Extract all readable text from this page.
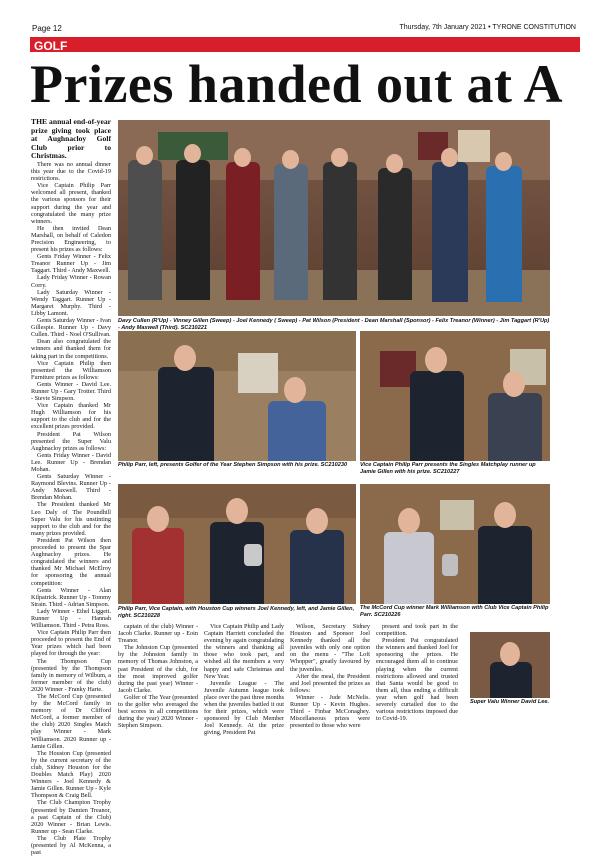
Page 12	Thursday, 7th January 2021 • TYRONE CONSTITUTION
GOLF
Prizes handed out at A

THE annual end-of-year prize giving took place at Aughnacloy Golf Club prior to Christmas.

There was no annual dinner this year due to the Covid-19 restrictions.

Vice Captain Philip Parr welcomed all present, thanked the various sponsors for their support during the year and congratulated the many prize winners.

He then invited Dean Marshall, on behalf of Caledon Precision Engineering, to present his prizes as follows:

Gents Friday Winner - Felix Treanor Runner Up - Jim Taggart. Third - Andy Maxwell.

Lady Friday Winner - Rowan Corry.

Lady Saturday Winner - Wendy Taggart. Runner Up - Margaret Murphy. Third - Libby Lamont.

Gents Saturday Winner - Ivan Gillespie. Runner Up - Davy Cullen. Third - Noel O'Sullivan.

Dean also congratulated the winners and thanked them for taking part in the competitions.

Vice Captain Philip then presented the Williamson Furniture prizes as follows:

Gents Winner - David Lee. Runner Up - Gary Trotter. Third - Stevie Simpson.

Vice Captain thanked Mr Hugh Williamson for his support to the club and for the excellent prizes provided.

President Pat Wilson presented the Super Valu Aughnacloy prizes as follows:

Gents Friday Winner - David Lee. Runner Up - Brendan Mohan.

Gents Saturday Winner - Raymond Blevins. Runner Up - Andy Maxwell. Third - Brendan Mohan.

The President thanked Mr Leo Daly of The Poundhill Super Valu for his unstinting support to the club and for the many prizes provided.

President Pat Wilson then proceeded to present the Spar Aughnacloy prizes. He congratulated the winners and thanked Mr Michael McElroy for sponsoring the annual competition:

Gents Winner - Alan Kilpatrick. Runner Up - Tommy Strain. Third - Adrian Simpson.

Lady Winner - Ethel Liggett. Runner Up - Hannah Williamson. Third - Petra Ross.

Vice Captain Philip Parr then proceeded to present the End of Year prizes which had been played for through the year:

The Thompson Cup (presented by the Thompson family in memory of Wilbum, a former member of the club) 2020 Winner - Franky Harte.

The McCord Cup (presented by the McCord family in memory of Dr Clifford McCord, a former member of the club) 2020 Singles Match play Winner - Mark Williamson. 2020 Runner up - Jamie Gillen.

The Houston Cup (presented by the current secretary of the club, Sidney Houston for the Doubles Match Play) 2020 Winners - Joel Kennedy & Jamie Gillen. Runner Up - Kyle Thompson & Craig Bell.

The Club Champion Trophy (presented by Damien Treanor, a past Captain of the Club) 2020 Winner - Brian Lewis. Runner up - Sean Clarke.

The Club Plate Trophy (presented by Al McKenna, a past

Davy Cullen (R'Up) - Vinney Gillen (Sweep) - Joel Kennedy ( Sweep) - Pat Wilson (President - Dean Marshall (Sponsor) - Felix Treanor (Winner) - Jim Taggart (R'Up) - Andy Maxwell (Third). SC210221
Philip Parr, left, presents Golfer of the Year Stephen Simpson with his prize. SC210230	Vice Captain Philip Parr presents the Singles Matchplay runner up Jamie Gillen with his prize. SC210227
Philip Parr, Vice Captain, with Houston Cup winners Joel Kennedy, left, and Jamie Gillen, right. SC210228
The McCord Cup winner Mark Williamson with Club Vice Captain Philip Parr. SC210226

captain of the club) Winner - Jacob Clarke. Runner up - Eoin Treanor.

The Johnston Cup (presented by the Johnston family in memory of Thomas Johnston, a past President of the club, for the most improved golfer during the past year) Winner - Jacob Clarke.

Golfer of The Year (presented to the golfer who averaged the best scores in all competitions during the year) 2020 Winner - Stephen Simpson.

Vice Captain Philip and Lady Captain Harriett concluded the evening by again congratulating the winners and thanking all those who took part, and wished all the members a very happy and safe Christmas and New Year.

Juvenile League - The Juvenile Autumn league took place over the past three months when the juveniles battled it out for their prizes, which were sponsored by Club Member Joel Kennedy. At the prize giving, President Pat

Wilson, Secretary Sidney Houston and Sponsor Joel Kennedy thanked all the juveniles with only one option on the menu - "The Loft Whopper", greatly favoured by the juveniles.

After the meal, the President and Joel presented the prizes as follows:

Winner - Jude McNelis. Runner Up - Kevin Hughes. Third - Finbar McConaghey. Miscellaneous prizes were presented to those who were

present and took part in the competition.

President Pat congratulated the winners and thanked Joel for sponsoring the prizes. He encouraged them all to continue playing when the current restrictions allowed and trusted that Santa would be good to them all, thus ending a difficult year when golf had been severely curtailed due to the various restrictions imposed due to Covid-19.

Super Valu Winner David Lee.
